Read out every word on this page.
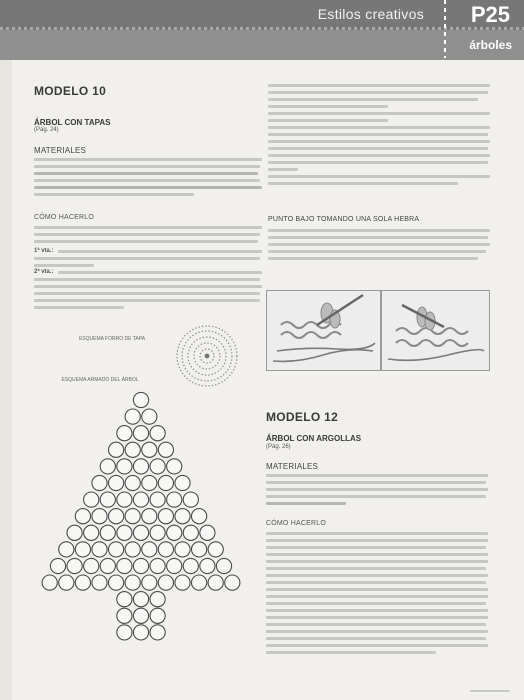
Estilos creativos P25
árboles
MODELO 10
ÁRBOL CON TAPAS
(Pág. 24)
MATERIALES
CÓMO HACERLO
1ª vta.:
2ª vta.:
ESQUEMA FORRO DE TAPA
ESQUEMA ARMADO DEL ÁRBOL
PUNTO BAJO TOMANDO UNA SOLA HEBRA
MODELO 12
ÁRBOL CON ARGOLLAS
(Pág. 26)
MATERIALES
CÓMO HACERLO
